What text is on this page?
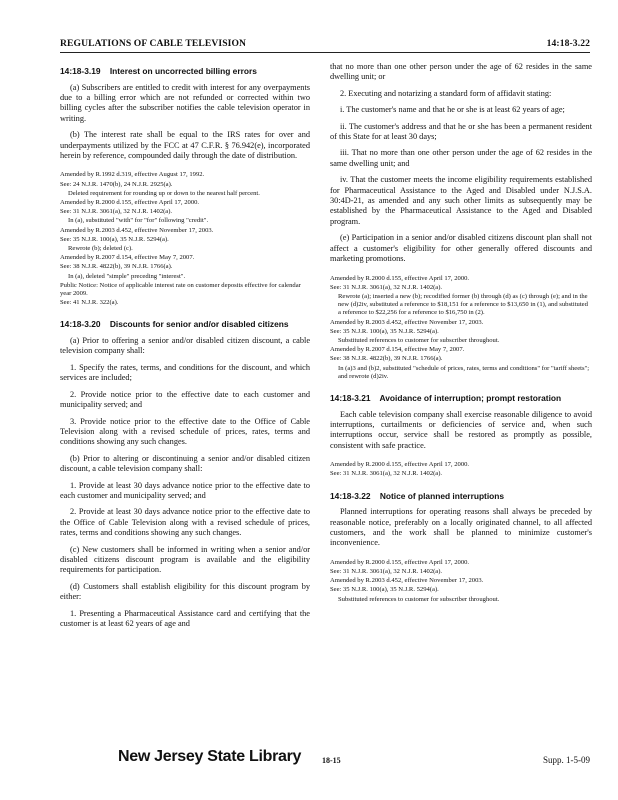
REGULATIONS OF CABLE TELEVISION	14:18-3.22
14:18-3.19 Interest on uncorrected billing errors

(a) Subscribers are entitled to credit with interest for any overpayments due to a billing error which are not refunded or corrected within two billing cycles after the subscriber notifies the cable television operator in writing.

(b) The interest rate shall be equal to the IRS rates for over and underpayments utilized by the FCC at 47 C.F.R. § 76.942(e), incorporated herein by reference, compounded daily through the date of distribution.

Amended by R.1992 d.319, effective August 17, 1992.
See: 24 N.J.R. 1470(b), 24 N.J.R. 2925(a).
Deleted requirement for rounding up or down to the nearest half percent.
Amended by R.2000 d.155, effective April 17, 2000.
See: 31 N.J.R. 3061(a), 32 N.J.R. 1402(a).
In (a), substituted "with" for "for" following "credit".
Amended by R.2003 d.452, effective November 17, 2003.
See: 35 N.J.R. 100(a), 35 N.J.R. 5294(a).
Rewrote (b); deleted (c).
Amended by R.2007 d.154, effective May 7, 2007.
See: 38 N.J.R. 4822(b), 39 N.J.R. 1766(a).
In (a), deleted "simple" preceding "interest".
Public Notice: Notice of applicable interest rate on customer deposits effective for calendar year 2009.
See: 41 N.J.R. 322(a).
14:18-3.20 Discounts for senior and/or disabled citizens

(a) Prior to offering a senior and/or disabled citizen discount, a cable television company shall:

1. Specify the rates, terms, and conditions for the discount, and which services are included;

2. Provide notice prior to the effective date to each customer and municipality served; and

3. Provide notice prior to the effective date to the Office of Cable Television along with a revised schedule of prices, rates, terms and conditions showing any such changes.

(b) Prior to altering or discontinuing a senior and/or disabled citizen discount, a cable television company shall:

1. Provide at least 30 days advance notice prior to the effective date to each customer and municipality served; and

2. Provide at least 30 days advance notice prior to the effective date to the Office of Cable Television along with a revised schedule of prices, rates, terms and conditions showing any such changes.

(c) New customers shall be informed in writing when a senior and/or disabled citizens discount program is available and the eligibility requirements for participation.

(d) Customers shall establish eligibility for this discount program by either:

1. Presenting a Pharmaceutical Assistance card and certifying that the customer is at least 62 years of age and

that no more than one other person under the age of 62 resides in the same dwelling unit; or

2. Executing and notarizing a standard form of affidavit stating:

i. The customer's name and that he or she is at least 62 years of age;

ii. The customer's address and that he or she has been a permanent resident of this State for at least 30 days;

iii. That no more than one other person under the age of 62 resides in the same dwelling unit; and

iv. That the customer meets the income eligibility requirements established for Pharmaceutical Assistance to the Aged and Disabled under N.J.S.A. 30:4D-21, as amended and any such other limits as subsequently may be established by the Pharmaceutical Assistance to the Aged and Disabled program.

(e) Participation in a senior and/or disabled citizens discount plan shall not affect a customer's eligibility for other generally offered discounts and marketing promotions.

Amended by R.2000 d.155, effective April 17, 2000.
See: 31 N.J.R. 3061(a), 32 N.J.R. 1402(a).
Rewrote (a); inserted a new (b); recodified former (b) through (d) as (c) through (e); and in the new (d)2iv, substituted a reference to $18,151 for a reference to $13,650 in (1), and substituted a reference to $22,256 for a reference to $16,750 in (2).
Amended by R.2003 d.452, effective November 17, 2003.
See: 35 N.J.R. 100(a), 35 N.J.R. 5294(a).
Substituted references to customer for subscriber throughout.
Amended by R.2007 d.154, effective May 7, 2007.
See: 38 N.J.R. 4822(b), 39 N.J.R. 1766(a).
In (a)3 and (b)2, substituted "schedule of prices, rates, terms and conditions" for "tariff sheets"; and rewrote (d)2iv.
14:18-3.21 Avoidance of interruption; prompt restoration

Each cable television company shall exercise reasonable diligence to avoid interruptions, curtailments or deficiencies of service and, when such interruptions occur, service shall be restored as promptly as possible, consistent with safe practice.

Amended by R.2000 d.155, effective April 17, 2000.
See: 31 N.J.R. 3061(a), 32 N.J.R. 1402(a).
14:18-3.22 Notice of planned interruptions

Planned interruptions for operating reasons shall always be preceded by reasonable notice, preferably on a locally originated channel, to all affected customers, and the work shall be planned to minimize customer's inconvenience.

Amended by R.2000 d.155, effective April 17, 2000.
See: 31 N.J.R. 3061(a), 32 N.J.R. 1402(a).
Amended by R.2003 d.452, effective November 17, 2003.
See: 35 N.J.R. 100(a), 35 N.J.R. 5294(a).
Substituted references to customer for subscriber throughout.
New Jersey State Library	18-15	Supp. 1-5-09
